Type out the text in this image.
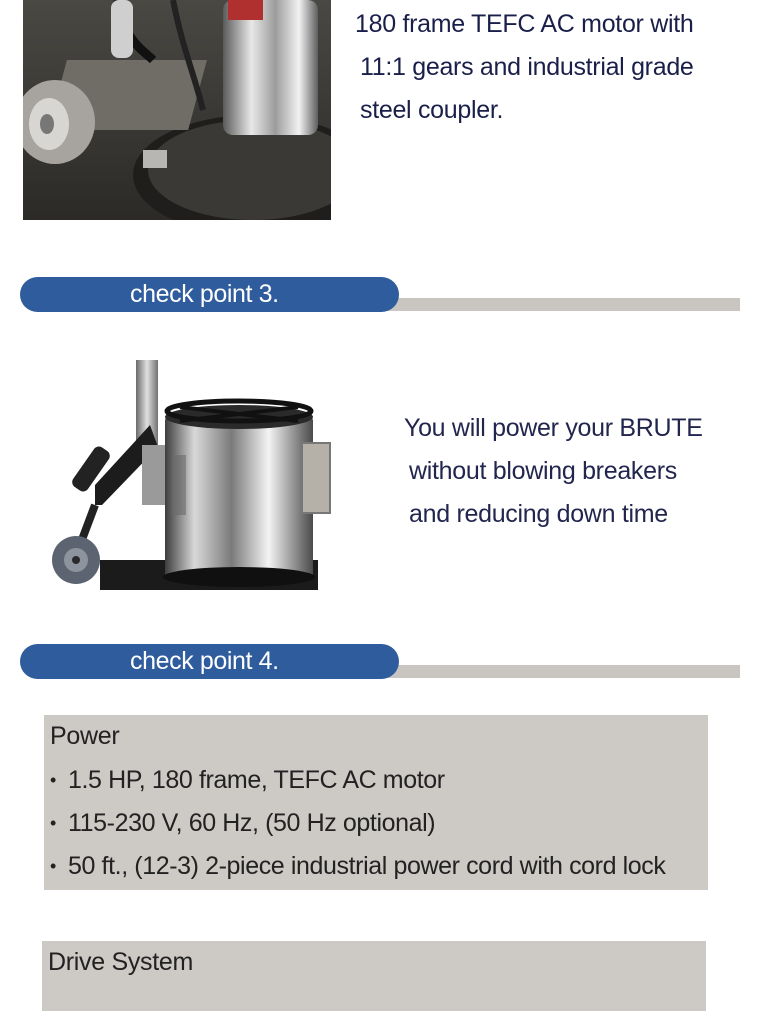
180 frame TEFC AC motor with
11:1 gears and industrial grade
steel coupler.
check point 3.
You will power your BRUTE
without blowing breakers
and reducing down time
check point 4.
Power
• 1.5 HP, 180 frame, TEFC AC motor
• 115-230 V, 60 Hz, (50 Hz optional)
• 50 ft., (12-3) 2-piece industrial power cord with cord lock
Drive System
